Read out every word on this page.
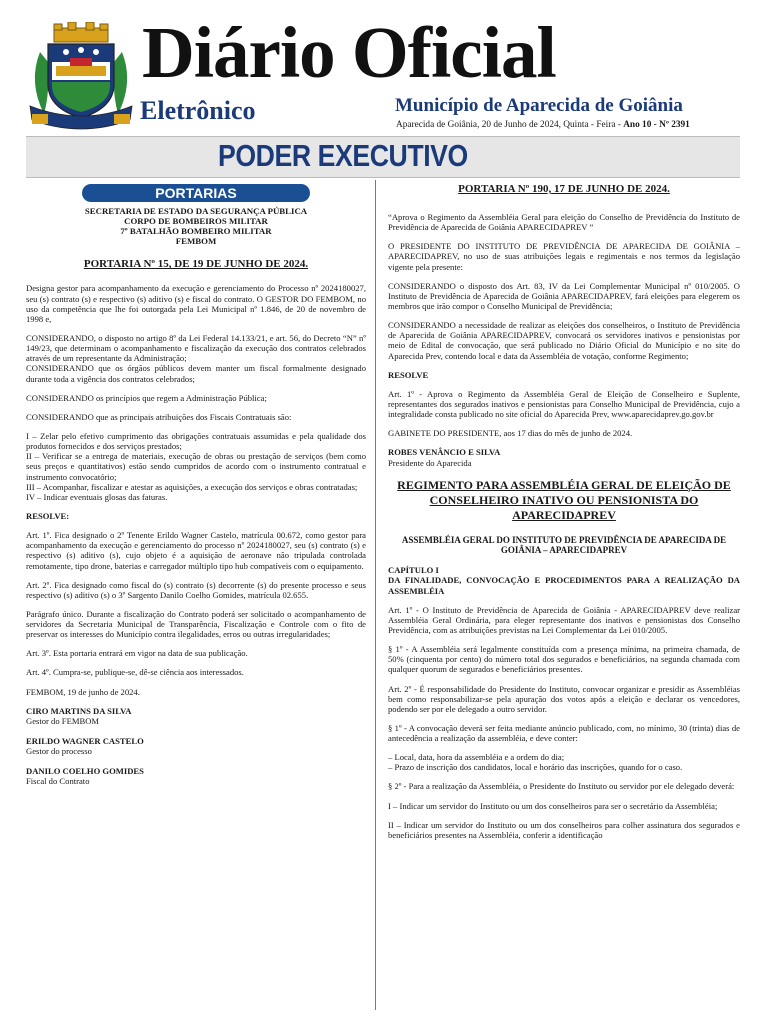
Diário Oficial
Eletrônico	Município de Aparecida de Goiânia
Aparecida de Goiânia, 20 de Junho de 2024, Quinta - Feira - Ano 10 - Nº 2391
PODER EXECUTIVO
PORTARIAS
SECRETARIA DE ESTADO DA SEGURANÇA PÚBLICA
CORPO DE BOMBEIROS MILITAR
7º BATALHÃO BOMBEIRO MILITAR
FEMBOM

PORTARIA Nº 15, DE 19 DE JUNHO DE 2024.

Designa gestor para acompanhamento da execução e gerenciamento do Processo nº 2024180027, seu (s) contrato (s) e respectivo (s) aditivo (s) e fiscal do contrato. O GESTOR DO FEMBOM, no uso da competência que lhe foi outorgada pela Lei Municipal nº 1.846, de 20 de novembro de 1998 e,

CONSIDERANDO, o disposto no artigo 8º da Lei Federal 14.133/21, e art. 56, do Decreto “N” nº 149/23, que determinam o acompanhamento e fiscalização da execução dos contratos celebrados através de um representante da Administração;

CONSIDERANDO que os órgãos públicos devem manter um fiscal formalmente designado durante toda a vigência dos contratos celebrados;

CONSIDERANDO os princípios que regem a Administração Pública;

CONSIDERANDO que as principais atribuições dos Fiscais Contratuais são:

I – Zelar pelo efetivo cumprimento das obrigações contratuais assumidas e pela qualidade dos produtos fornecidos e dos serviços prestados;

II – Verificar se a entrega de materiais, execução de obras ou prestação de serviços (bem como seus preços e quantitativos) estão sendo cumpridos de acordo com o instrumento contratual e instrumento convocatório;

III – Acompanhar, fiscalizar e atestar as aquisições, a execução dos serviços e obras contratadas;

IV – Indicar eventuais glosas das faturas.

RESOLVE:

Art. 1º. Fica designado o 2º Tenente Erildo Wagner Castelo, matrícula 00.672, como gestor para acompanhamento da execução e gerenciamento do processo nº 2024180027, seu (s) contrato (s) e respectivo (s) aditivo (s), cujo objeto é a aquisição de aeronave não tripulada controlada remotamente, tipo drone, baterias e carregador múltiplo tipo hub compatíveis com o equipamento.

Art. 2º. Fica designado como fiscal do (s) contrato (s) decorrente (s) do presente processo e seus respectivo (s) aditivo (s) o 3º Sargento Danilo Coelho Gomides, matrícula 02.655.

Parágrafo único. Durante a fiscalização do Contrato poderá ser solicitado o acompanhamento de servidores da Secretaria Municipal de Transparência, Fiscalização e Controle com o fito de preservar os interesses do Município contra ilegalidades, erros ou outras irregularidades;

Art. 3º. Esta portaria entrará em vigor na data de sua publicação.

Art. 4º. Cumpra-se, publique-se, dê-se ciência aos interessados.

FEMBOM, 19 de junho de 2024.

CIRO MARTINS DA SILVA
Gestor do FEMBOM
ERILDO WAGNER CASTELO
Gestor do processo
DANILO COELHO GOMIDES
Fiscal do Contrato

PORTARIA Nº 190, 17 DE JUNHO DE 2024.

“Aprova o Regimento da Assembléia Geral para eleição do Conselho de Previdência do Instituto de Previdência de Aparecida de Goiânia APARECIDAPREV ”

O PRESIDENTE DO INSTITUTO DE PREVIDÊNCIA DE APARECIDA DE GOIÂNIA – APARECIDAPREV, no uso de suas atribuições legais e regimentais e nos termos da legislação vigente pela presente:

CONSIDERANDO o disposto dos Art. 83, IV da Lei Complementar Municipal nº 010/2005. O Instituto de Previdência de Aparecida de Goiânia APARECIDAPREV, fará eleições para elegerem os membros que irão compor o Conselho Municipal de Previdência;

CONSIDERANDO a necessidade de realizar as eleições dos conselheiros, o Instituto de Previdência de Aparecida de Goiânia APARECIDAPREV, convocará os servidores inativos e pensionistas por meio de Edital de convocação, que será publicado no Diário Oficial do Município e no site do Aparecida Prev, contendo local e data da Assembléia de votação, conforme Regimento;

RESOLVE

Art. 1º - Aprova o Regimento da Assembléia Geral de Eleição de Conselheiro e Suplente, representantes dos segurados inativos e pensionistas para Conselho Municipal de Previdência, cujo a integralidade consta publicado no site oficial do Aparecida Prev, www.aparecidaprev.go.gov.br

GABINETE DO PRESIDENTE, aos 17 dias do mês de junho de 2024.

ROBES VENÂNCIO E SILVA
Presidente do Aparecida

REGIMENTO PARA ASSEMBLÉIA GERAL DE ELEIÇÃO DE CONSELHEIRO INATIVO OU PENSIONISTA DO APARECIDAPREV

ASSEMBLÉIA GERAL DO INSTITUTO DE PREVIDÊNCIA DE APARECIDA DE GOIÂNIA – APARECIDAPREV

CAPÍTULO I

DA FINALIDADE, CONVOCAÇÃO E PROCEDIMENTOS PARA A REALIZAÇÃO DA ASSEMBLÉIA

Art. 1º - O Instituto de Previdência de Aparecida de Goiânia - APARECIDAPREV deve realizar Assembléia Geral Ordinária, para eleger representante dos inativos e pensionistas dos Conselho Previdência, com as atribuições previstas na Lei Complementar da Lei 010/2005.

§ 1º - A Assembléia será legalmente constituída com a presença mínima, na primeira chamada, de 50% (cinquenta por cento) do número total dos segurados e beneficiários, na segunda chamada com qualquer quorum de segurados e beneficiários presentes.

Art. 2º - É responsabilidade do Presidente do Instituto, convocar organizar e presidir as Assembléias bem como responsabilizar-se pela apuração dos votos após a eleição e declarar os vencedores, podendo ser por ele delegado a outro servidor.

§ 1º - A convocação deverá ser feita mediante anúncio publicado, com, no mínimo, 30 (trinta) dias de antecedência a realização da assembléia, e deve conter:

– Local, data, hora da assembléia e a ordem do dia;

– Prazo de inscrição dos candidatos, local e horário das inscrições, quando for o caso.

§ 2º - Para a realização da Assembléia, o Presidente do Instituto ou servidor por ele delegado deverá:

I – Indicar um servidor do Instituto ou um dos conselheiros para ser o secretário da Assembléia;

II – Indicar um servidor do Instituto ou um dos conselheiros para colher assinatura dos segurados e beneficiários presentes na Assembléia, conferir a identificação
